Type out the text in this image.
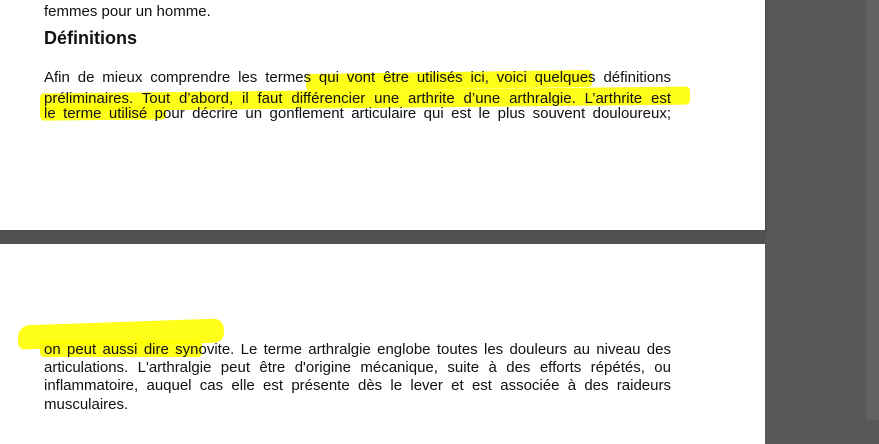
femmes pour un homme.

Définitions

Afin de mieux comprendre les termes qui vont être utilisés ici, voici quelques définitions

préliminaires. Tout d’abord, il faut différencier une arthrite d’une arthralgie. L’arthrite est

le terme utilisé pour décrire un gonflement articulaire qui est le plus souvent douloureux;

on peut aussi dire synovite. Le terme arthralgie englobe toutes les douleurs au niveau des

articulations. L'arthralgie peut être d'origine mécanique, suite à des efforts répétés, ou

inflammatoire, auquel cas elle est présente dès le lever et est associée à des raideurs

musculaires.
